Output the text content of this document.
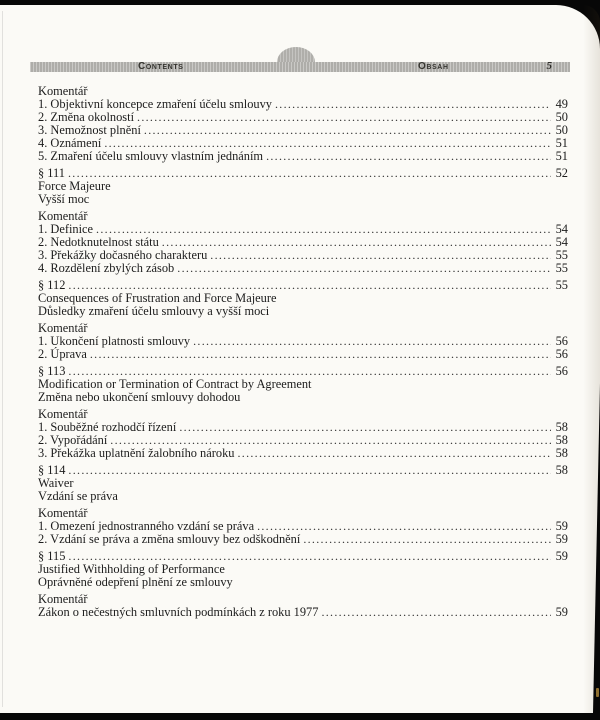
Contents	Obsah	5
Komentář
1. Objektivní koncepce zmaření účelu smlouvy .....	49
2. Změna okolností .....	50
3. Nemožnost plnění .....	50
4. Oznámení .....	51
5. Zmaření účelu smlouvy vlastním jednáním .....	51
§ 111 .....	52
Force Majeure
Vyšší moc
Komentář
1. Definice .....	54
2. Nedotknutelnost státu .....	54
3. Překážky dočasného charakteru .....	55
4. Rozdělení zbylých zásob .....	55
§ 112 .....	55
Consequences of Frustration and Force Majeure
Důsledky zmaření účelu smlouvy a vyšší moci
Komentář
1. Ukončení platnosti smlouvy .....	56
2. Úprava .....	56
§ 113 .....	56
Modification or Termination of Contract by Agreement
Změna nebo ukončení smlouvy dohodou
Komentář
1. Souběžné rozhodčí řízení .....	58
2. Vypořádání .....	58
3. Překážka uplatnění žalobního nároku .....	58
§ 114 .....	58
Waiver
Vzdání se práva
Komentář
1. Omezení jednostranného vzdání se práva .....	59
2. Vzdání se práva a změna smlouvy bez odškodnění .....	59
§ 115 .....	59
Justified Withholding of Performance
Oprávněné odepření plnění ze smlouvy
Komentář
Zákon o nečestných smluvních podmínkách z roku 1977 .....	59
